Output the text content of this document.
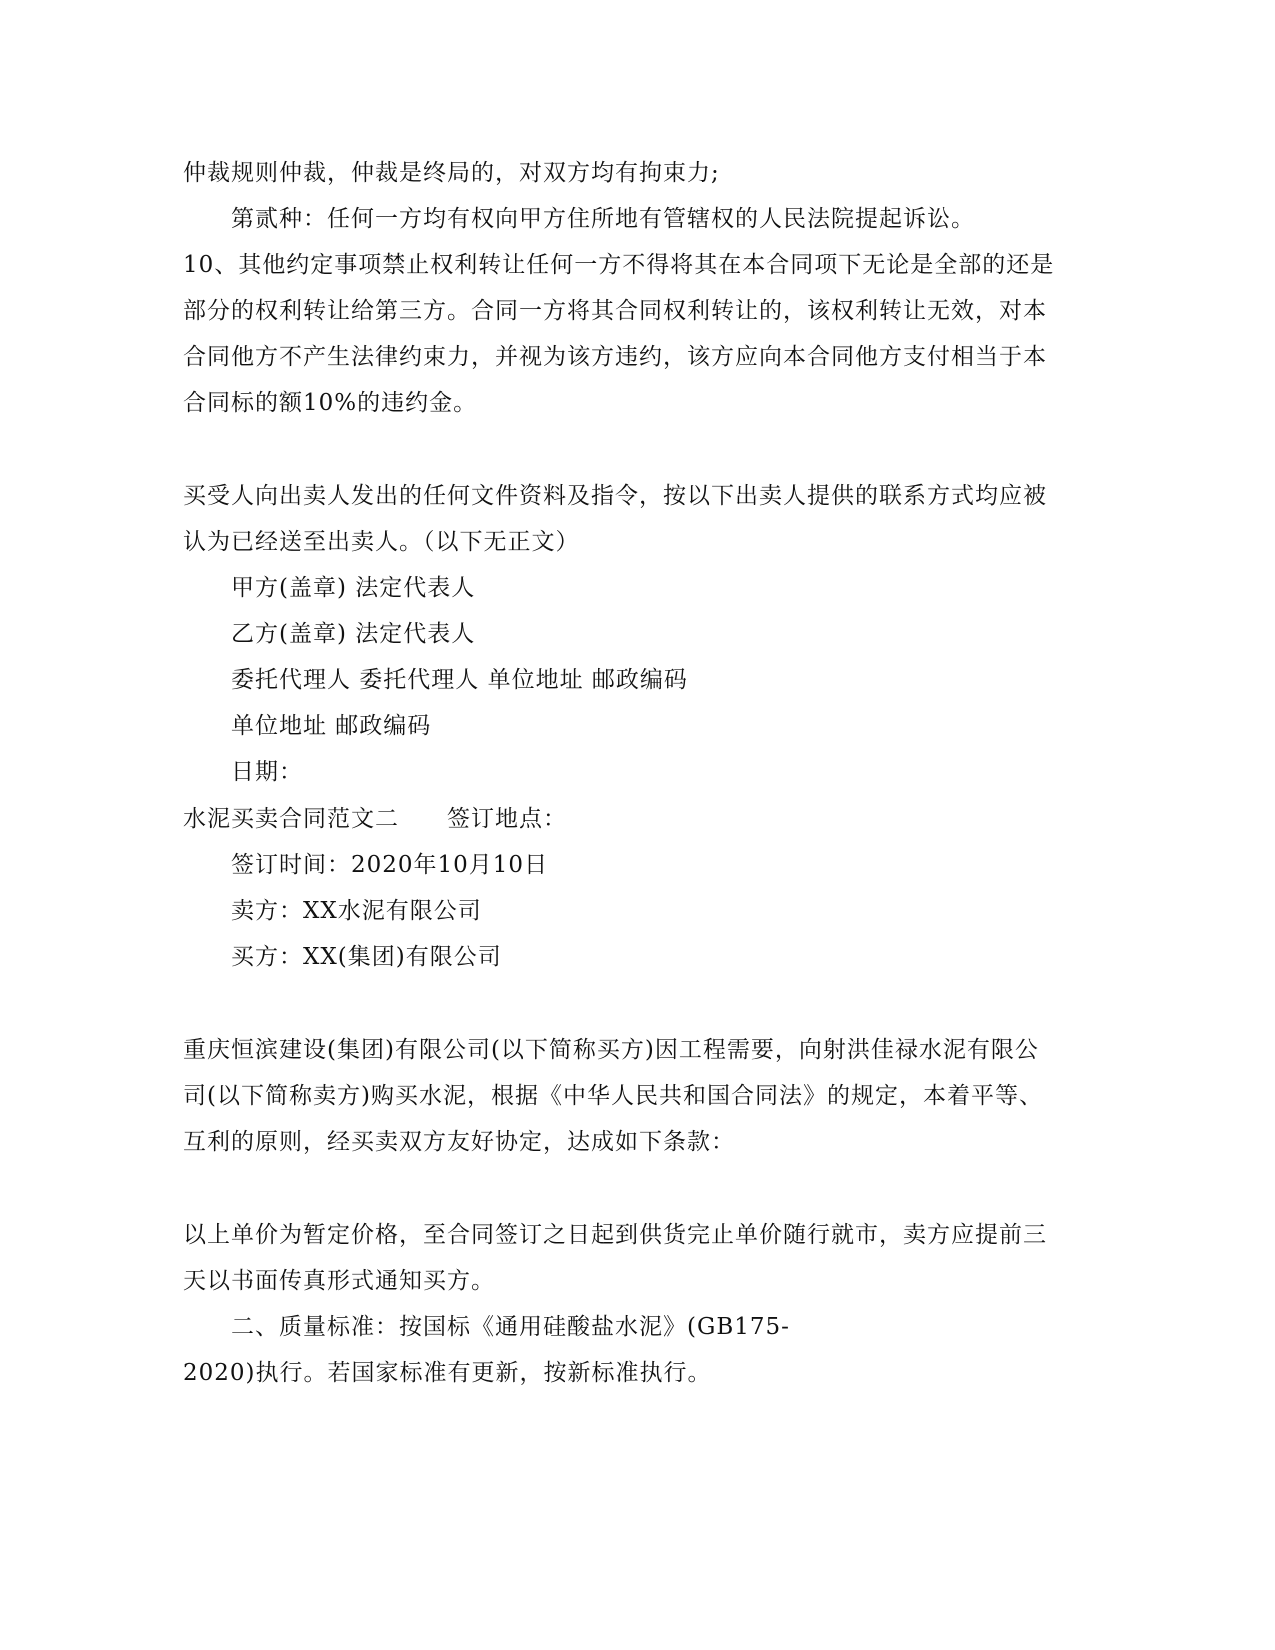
仲裁规则仲裁，仲裁是终局的，对双方均有拘束力;
第贰种：任何一方均有权向甲方住所地有管辖权的人民法院提起诉讼。
10、其他约定事项禁止权利转让任何一方不得将其在本合同项下无论是全部的还是
部分的权利转让给第三方。合同一方将其合同权利转让的，该权利转让无效，对本
合同他方不产生法律约束力，并视为该方违约，该方应向本合同他方支付相当于本
合同标的额10%的违约金。
买受人向出卖人发出的任何文件资料及指令，按以下出卖人提供的联系方式均应被
认为已经送至出卖人。（以下无正文）
甲方(盖章) 法定代表人
乙方(盖章) 法定代表人
委托代理人 委托代理人 单位地址 邮政编码
单位地址 邮政编码
日期：
水泥买卖合同范文二　　签订地点：
签订时间：2020年10月10日
卖方：XX水泥有限公司
买方：XX(集团)有限公司
重庆恒滨建设(集团)有限公司(以下简称买方)因工程需要，向射洪佳禄水泥有限公
司(以下简称卖方)购买水泥，根据《中华人民共和国合同法》的规定，本着平等、
互利的原则，经买卖双方友好协定，达成如下条款：
以上单价为暂定价格，至合同签订之日起到供货完止单价随行就市，卖方应提前三
天以书面传真形式通知买方。
二、质量标准：按国标《通用硅酸盐水泥》(GB175-
2020)执行。若国家标准有更新，按新标准执行。
